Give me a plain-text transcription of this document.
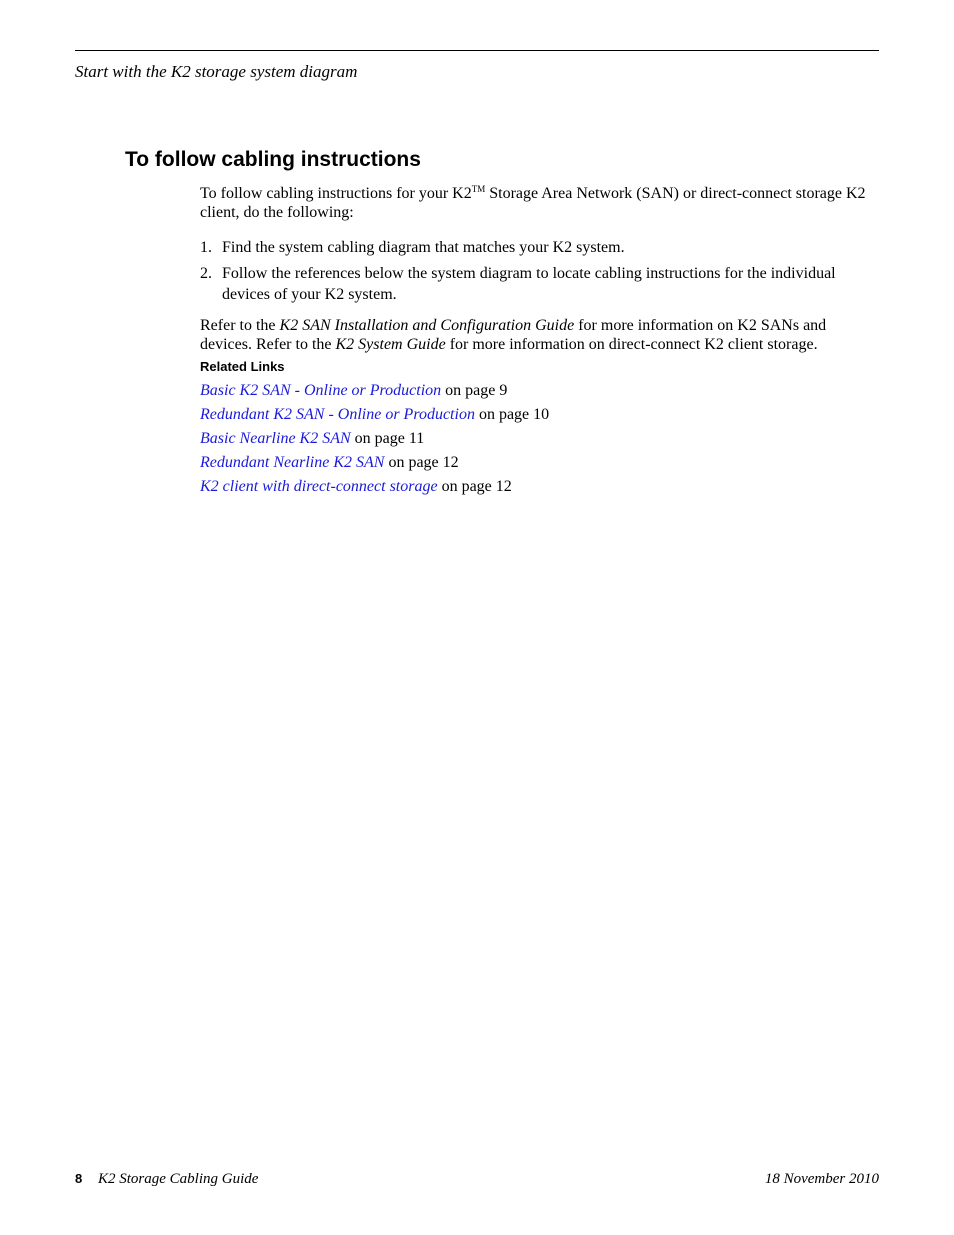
Start with the K2 storage system diagram
To follow cabling instructions

To follow cabling instructions for your K2™ Storage Area Network (SAN) or direct-connect storage K2 client, do the following:

1. Find the system cabling diagram that matches your K2 system.
2. Follow the references below the system diagram to locate cabling instructions for the individual devices of your K2 system.

Refer to the K2 SAN Installation and Configuration Guide for more information on K2 SANs and devices. Refer to the K2 System Guide for more information on direct-connect K2 client storage.

Related Links
Basic K2 SAN - Online or Production on page 9
Redundant K2 SAN - Online or Production on page 10
Basic Nearline K2 SAN on page 11
Redundant Nearline K2 SAN on page 12
K2 client with direct-connect storage on page 12
8 K2 Storage Cabling Guide	18 November 2010
